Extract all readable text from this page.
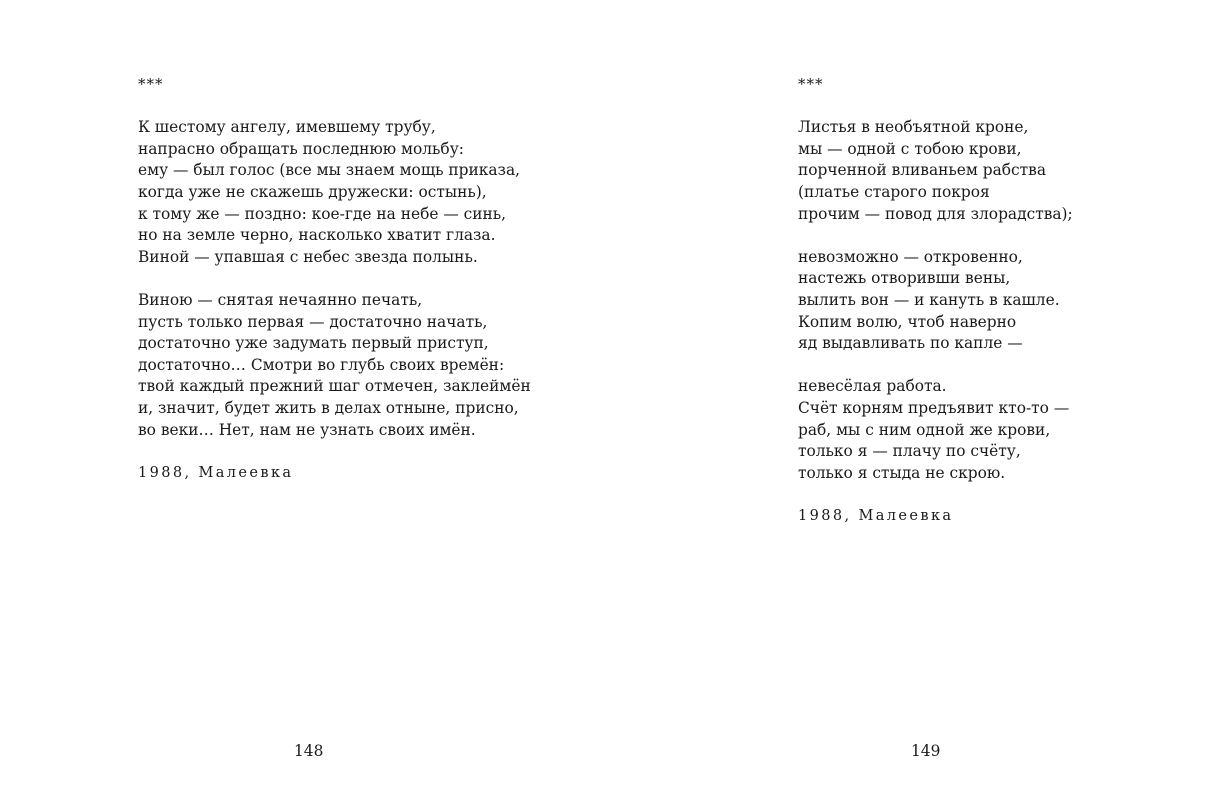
***
К шестому ангелу, имевшему трубу,
напрасно обращать последнюю мольбу:
ему — был голос (все мы знаем мощь приказа,
когда уже не скажешь дружески: остынь),
к тому же — поздно: кое-где на небе — синь,
но на земле черно, насколько хватит глаза.
Виной — упавшая с небес звезда полынь.
Виною — снятая нечаянно печать,
пусть только первая — достаточно начать,
достаточно уже задумать первый приступ,
достаточно… Смотри во глубь своих времён:
твой каждый прежний шаг отмечен, заклеймён
и, значит, будет жить в делах отныне, присно,
во веки… Нет, нам не узнать своих имён.
1988, Малеевка
148
***
Листья в необъятной кроне,
мы — одной с тобою крови,
порченной вливаньем рабства
(платье старого покроя
прочим — повод для злорадства);
невозможно — откровенно,
настежь отворивши вены,
вылить вон — и кануть в кашле.
Копим волю, чтоб наверно
яд выдавливать по капле —
невесёлая работа.
Счёт корням предъявит кто-то —
раб, мы с ним одной же крови,
только я — плачу по счёту,
только я стыда не скрою.
1988, Малеевка
149
